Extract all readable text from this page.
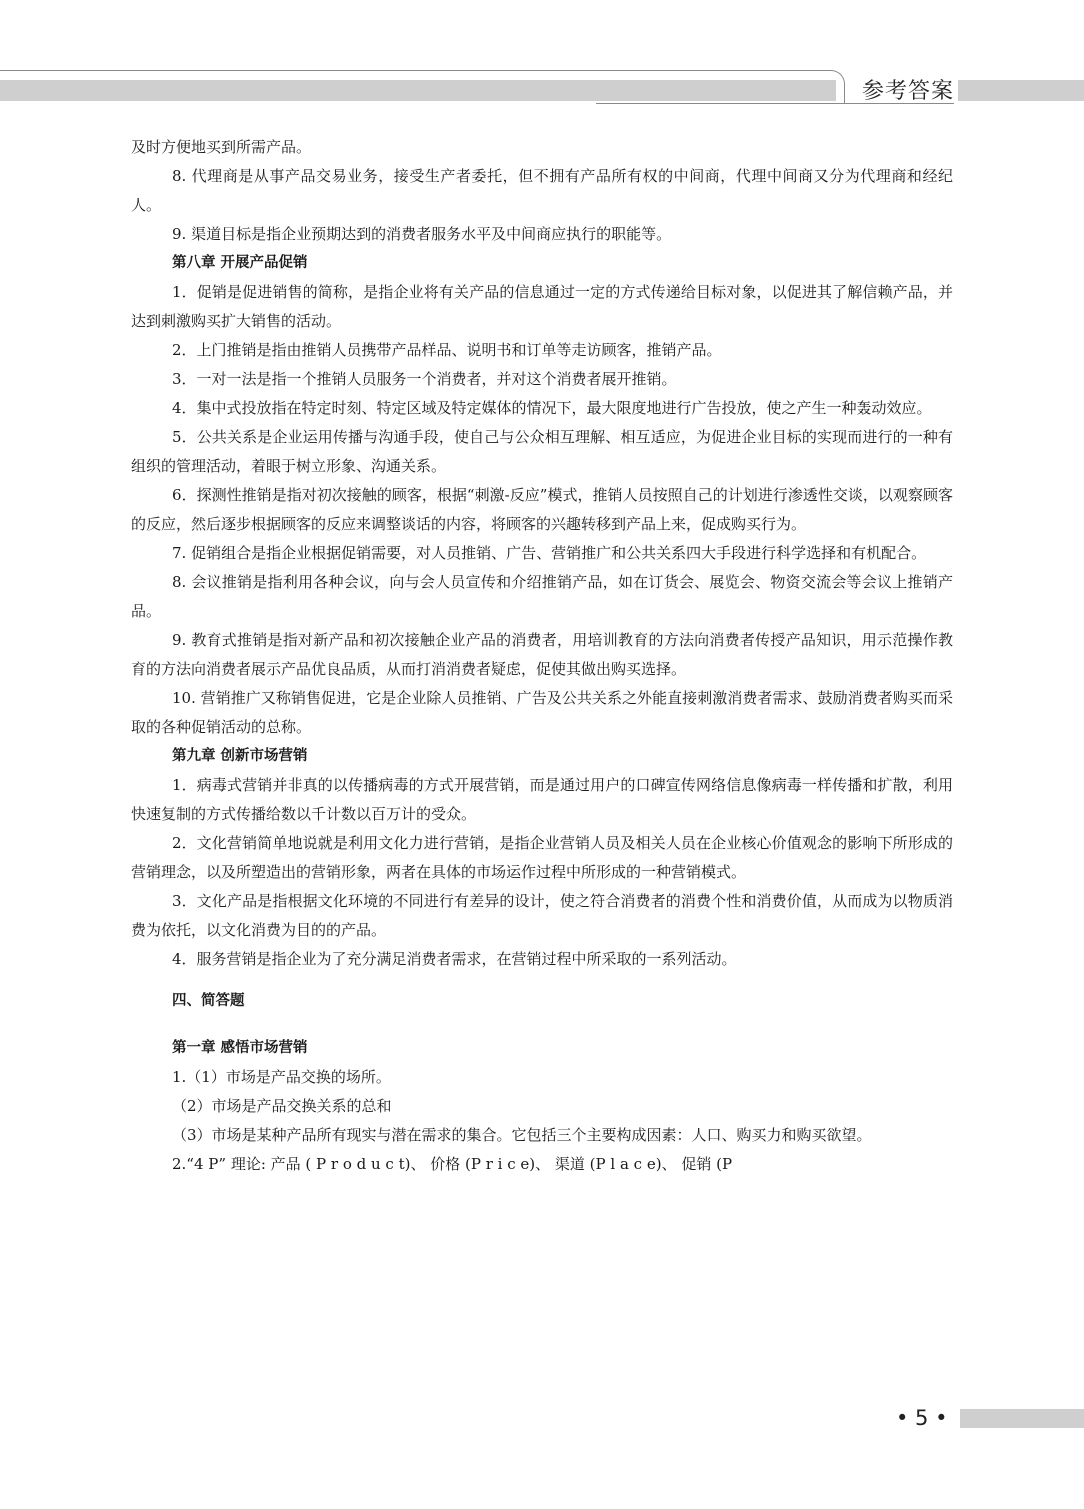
参考答案

及时方便地买到所需产品。

8. 代理商是从事产品交易业务，接受生产者委托，但不拥有产品所有权的中间商，代理中间商又分为代理商和经纪人。

9. 渠道目标是指企业预期达到的消费者服务水平及中间商应执行的职能等。

第八章 开展产品促销

1．促销是促进销售的简称，是指企业将有关产品的信息通过一定的方式传递给目标对象，以促进其了解信赖产品，并达到刺激购买扩大销售的活动。

2．上门推销是指由推销人员携带产品样品、说明书和订单等走访顾客，推销产品。

3．一对一法是指一个推销人员服务一个消费者，并对这个消费者展开推销。

4．集中式投放指在特定时刻、特定区域及特定媒体的情况下，最大限度地进行广告投放，使之产生一种轰动效应。

5．公共关系是企业运用传播与沟通手段，使自己与公众相互理解、相互适应，为促进企业目标的实现而进行的一种有组织的管理活动，着眼于树立形象、沟通关系。

6．探测性推销是指对初次接触的顾客，根据“刺激-反应”模式，推销人员按照自己的计划进行渗透性交谈，以观察顾客的反应，然后逐步根据顾客的反应来调整谈话的内容，将顾客的兴趣转移到产品上来，促成购买行为。

7. 促销组合是指企业根据促销需要，对人员推销、广告、营销推广和公共关系四大手段进行科学选择和有机配合。

8. 会议推销是指利用各种会议，向与会人员宣传和介绍推销产品，如在订货会、展览会、物资交流会等会议上推销产品。

9. 教育式推销是指对新产品和初次接触企业产品的消费者，用培训教育的方法向消费者传授产品知识，用示范操作教育的方法向消费者展示产品优良品质，从而打消消费者疑虑，促使其做出购买选择。

10. 营销推广又称销售促进，它是企业除人员推销、广告及公共关系之外能直接刺激消费者需求、鼓励消费者购买而采取的各种促销活动的总称。

第九章 创新市场营销

1．病毒式营销并非真的以传播病毒的方式开展营销，而是通过用户的口碑宣传网络信息像病毒一样传播和扩散，利用快速复制的方式传播给数以千计数以百万计的受众。

2．文化营销简单地说就是利用文化力进行营销，是指企业营销人员及相关人员在企业核心价值观念的影响下所形成的营销理念，以及所塑造出的营销形象，两者在具体的市场运作过程中所形成的一种营销模式。

3．文化产品是指根据文化环境的不同进行有差异的设计，使之符合消费者的消费个性和消费价值，从而成为以物质消费为依托，以文化消费为目的的产品。

4．服务营销是指企业为了充分满足消费者需求，在营销过程中所采取的一系列活动。

四、简答题

第一章 感悟市场营销

1.（1）市场是产品交换的场所。

（2）市场是产品交换关系的总和

（3）市场是某种产品所有现实与潜在需求的集合。它包括三个主要构成因素：人口、购买力和购买欲望。

2.“4 P” 理论: 产品 ( P r o d u c t)、 价格 (P r i c e)、 渠道 (P l a c e)、 促销 (P

• 5 •
